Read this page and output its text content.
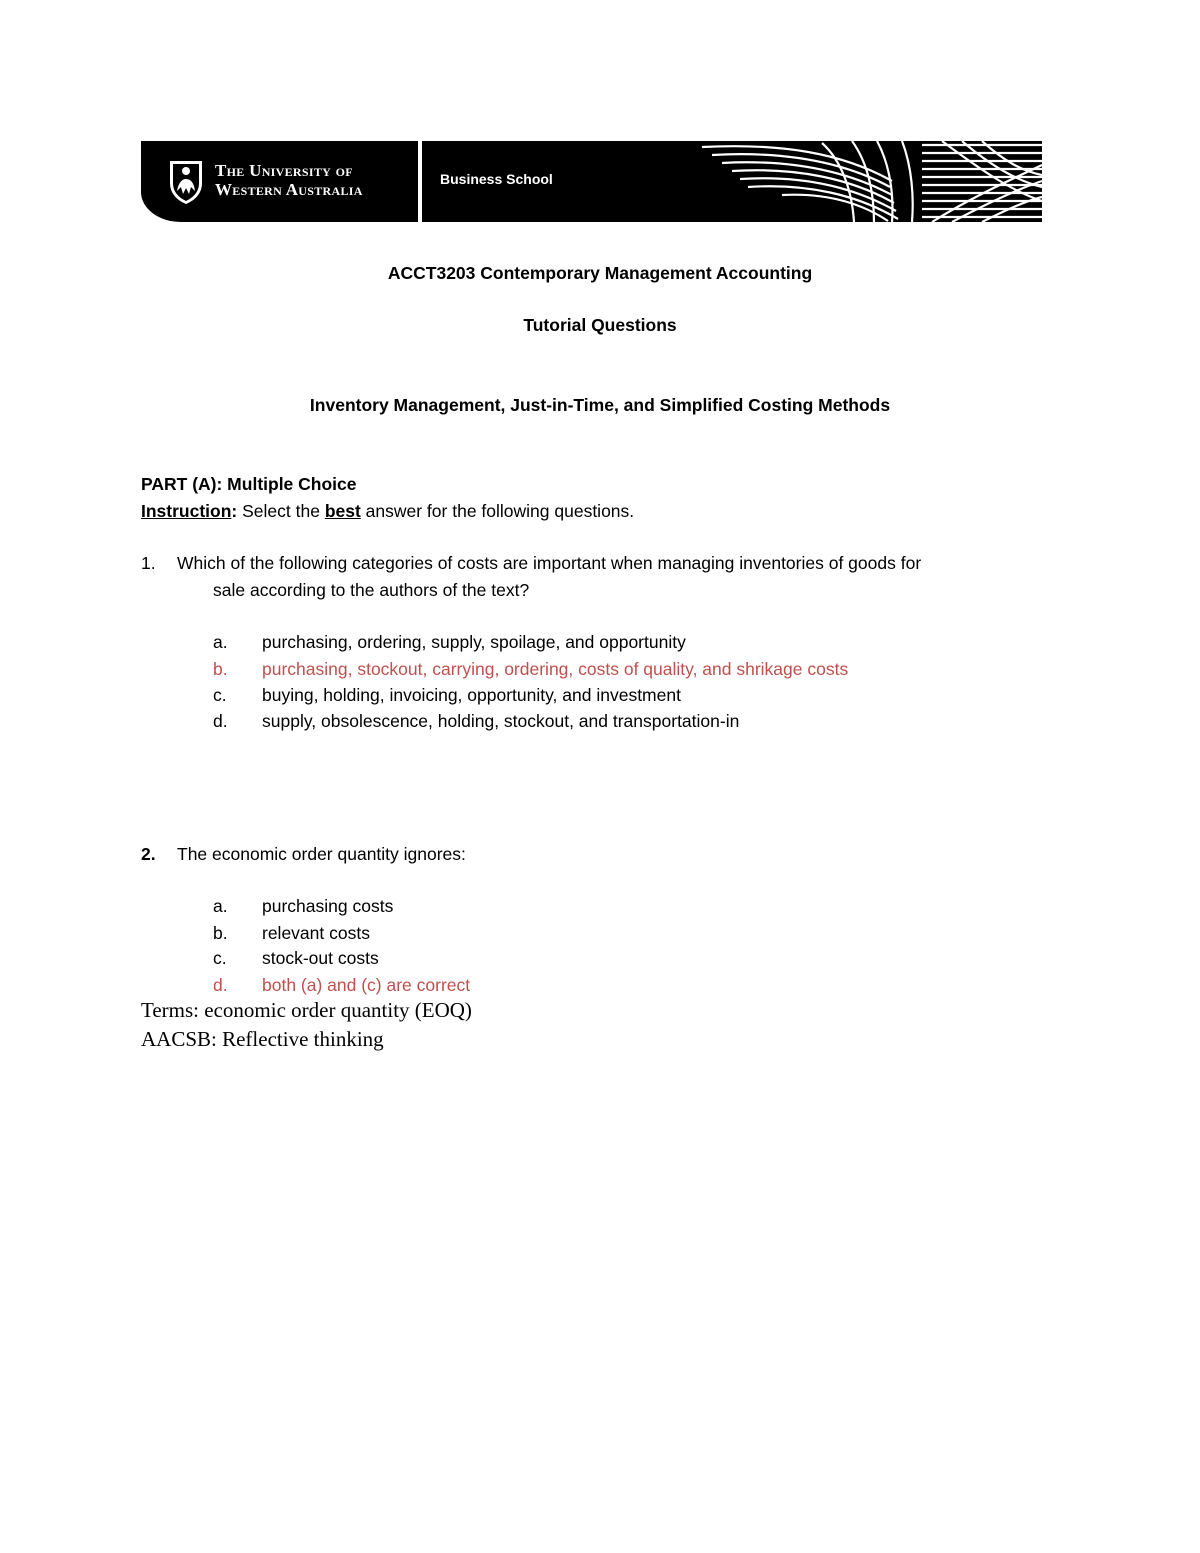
The University of
Western Australia
Business School
ACCT3203 Contemporary Management Accounting
Tutorial Questions
Inventory Management, Just-in-Time, and Simplified Costing Methods
PART (A): Multiple Choice
Instruction: Select the best answer for the following questions.
1. Which of the following categories of costs are important when managing inventories of goods for
sale according to the authors of the text?
a. purchasing, ordering, supply, spoilage, and opportunity
b. purchasing, stockout, carrying, ordering, costs of quality, and shrikage costs
c. buying, holding, invoicing, opportunity, and investment
d. supply, obsolescence, holding, stockout, and transportation-in
2. The economic order quantity ignores:
a. purchasing costs
b. relevant costs
c. stock-out costs
d. both (a) and (c) are correct
Terms: economic order quantity (EOQ)
AACSB: Reflective thinking
